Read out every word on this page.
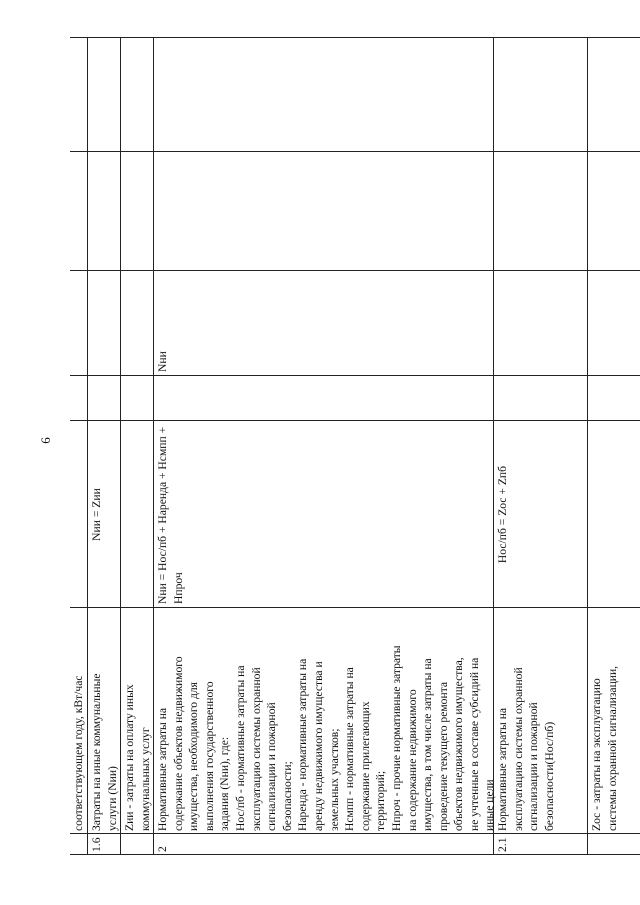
6
соответствующем году, кВт/час
1.6
Затраты на иные коммунальные услуги (Nии)
Nии = Zии
Zии - затраты на оплату иных коммунальных услуг
2
Нормативные затраты на содержание объектов недвижимого имущества, необходимого для выполнения государственного задания (Nни), где: Нос/пб - нормативные затраты на эксплуатацию системы охранной сигнализации и пожарной безопасности; Наренда - нормативные затраты на аренду недвижимого имущества и земельных участков; Нсмпп - нормативные затраты на содержание прилегающих территорий; Нпроч - прочие нормативные затраты на содержание недвижимого имущества, в том числе затраты на проведение текущего ремонта объектов недвижимого имущества, не учтенные в составе субсидий на иные цели
Nни = Нос/пб + Наренда + Нсмпп + Нпроч
Nни
2.1
Нормативные затраты на эксплуатацию системы охранной сигнализации и пожарной безопасности(Нос/пб)
Нос/пб = Zос + Zпб
Zос - затраты на эксплуатацию системы охранной сигнализации,
